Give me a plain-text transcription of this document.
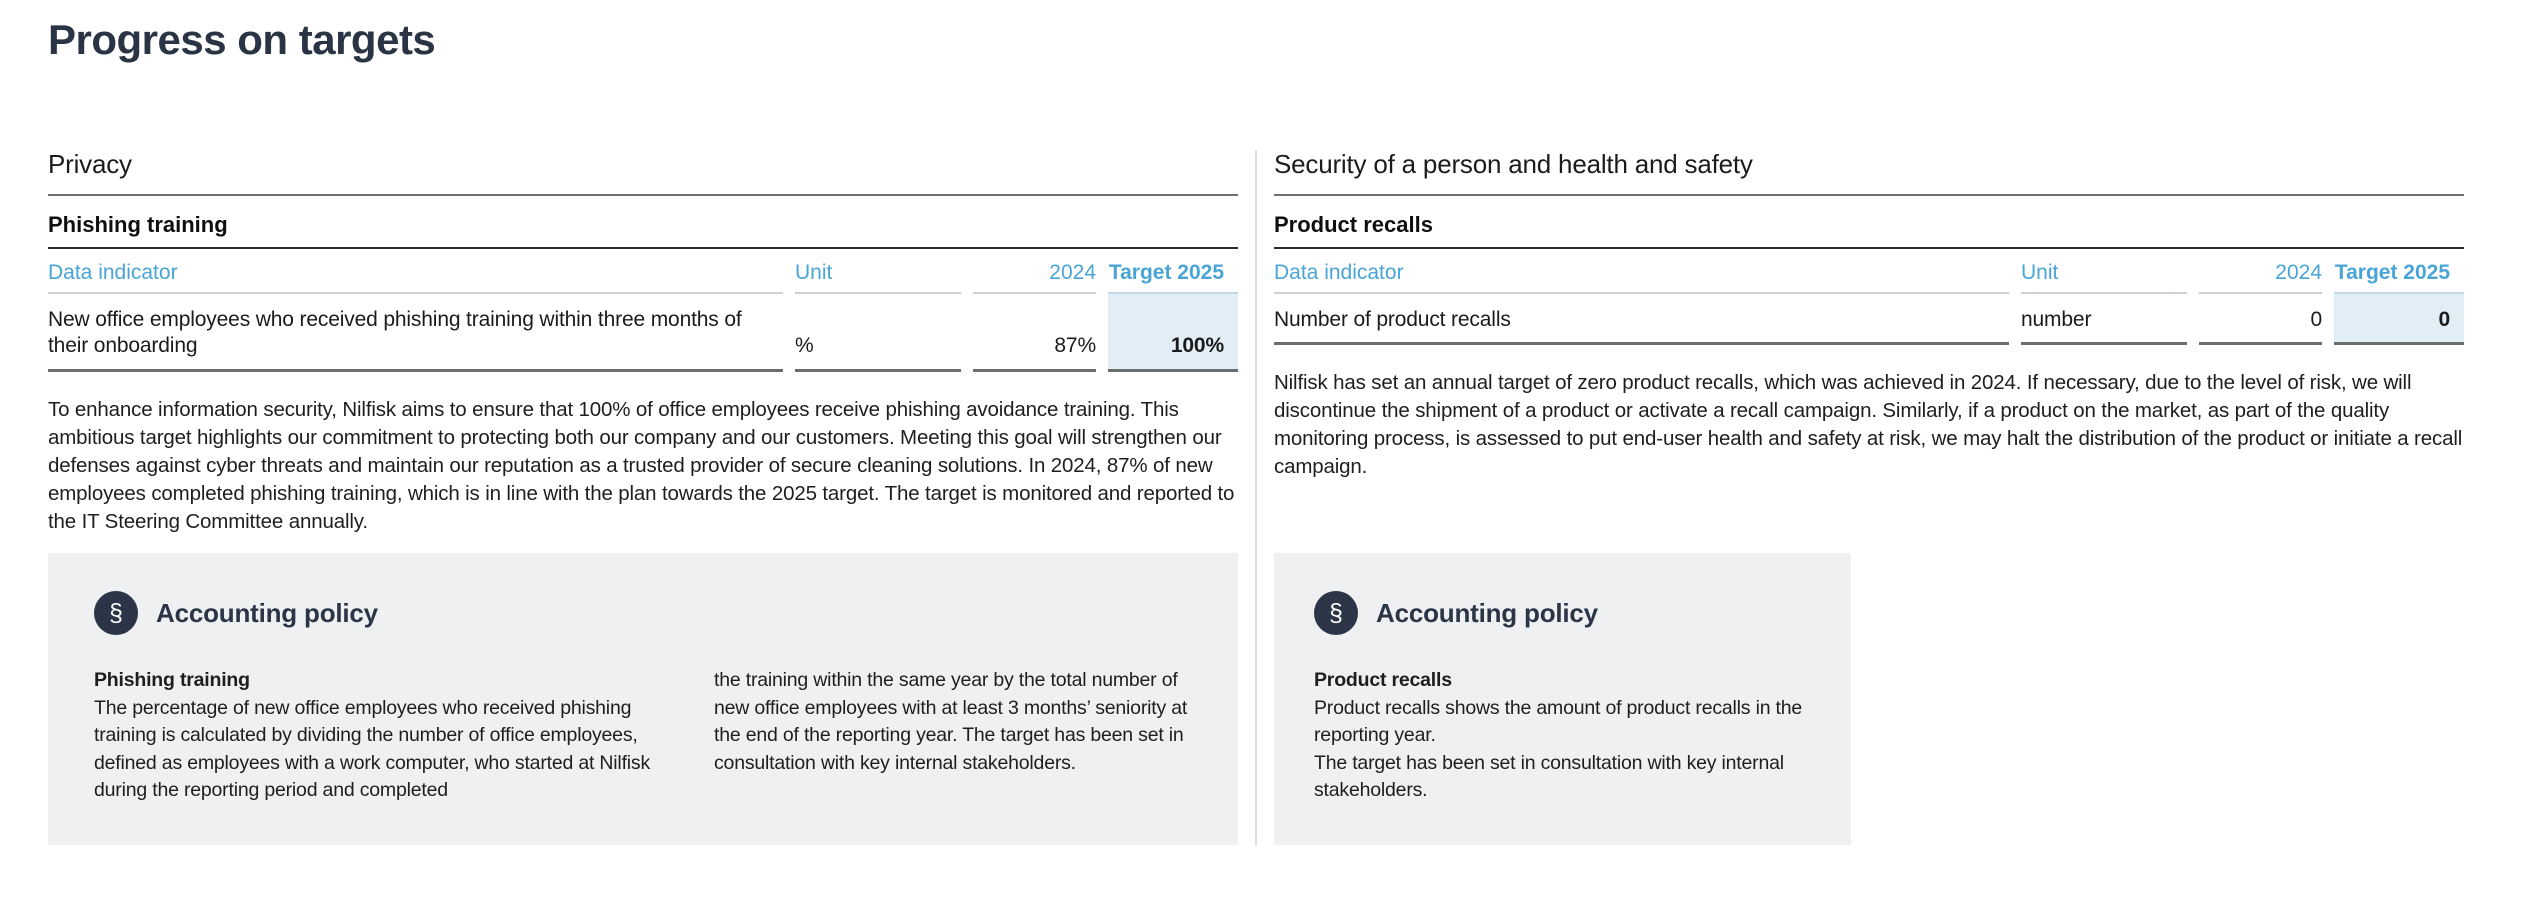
Progress on targets
Privacy
Phishing training
Data indicator	Unit	2024 Target 2025
New office employees who received phishing training within three months of their onboarding	%	87%	100%

To enhance information security, Nilfisk aims to ensure that 100% of office employees receive phishing avoidance training. This ambitious target highlights our commitment to protecting both our company and our customers. Meeting this goal will strengthen our defenses against cyber threats and maintain our reputation as a trusted provider of secure cleaning solutions. In 2024, 87% of new employees completed phishing training, which is in line with the plan towards the 2025 target. The target is monitored and reported to the IT Steering Committee annually.

§	Accounting policy

Phishing training

The percentage of new office employees who received phishing training is calculated by dividing the number of office employees, defined as employees with a work computer, who started at Nilfisk during the reporting period and completed

the training within the same year by the total number of new office employees with at least 3 months’ seniority at the end of the reporting year. The target has been set in consultation with key internal stakeholders.

Security of a person and health and safety
Product recalls
Data indicator	Unit	2024 Target 2025
Number of product recalls	number	0	0

Nilfisk has set an annual target of zero product recalls, which was achieved in 2024. If necessary, due to the level of risk, we will discontinue the shipment of a product or activate a recall campaign. Similarly, if a product on the market, as part of the quality monitoring process, is assessed to put end-user health and safety at risk, we may halt the distribution of the product or initiate a recall campaign.

§	Accounting policy

Product recalls

Product recalls shows the amount of product recalls in the reporting year.

The target has been set in consultation with key internal stakeholders.
